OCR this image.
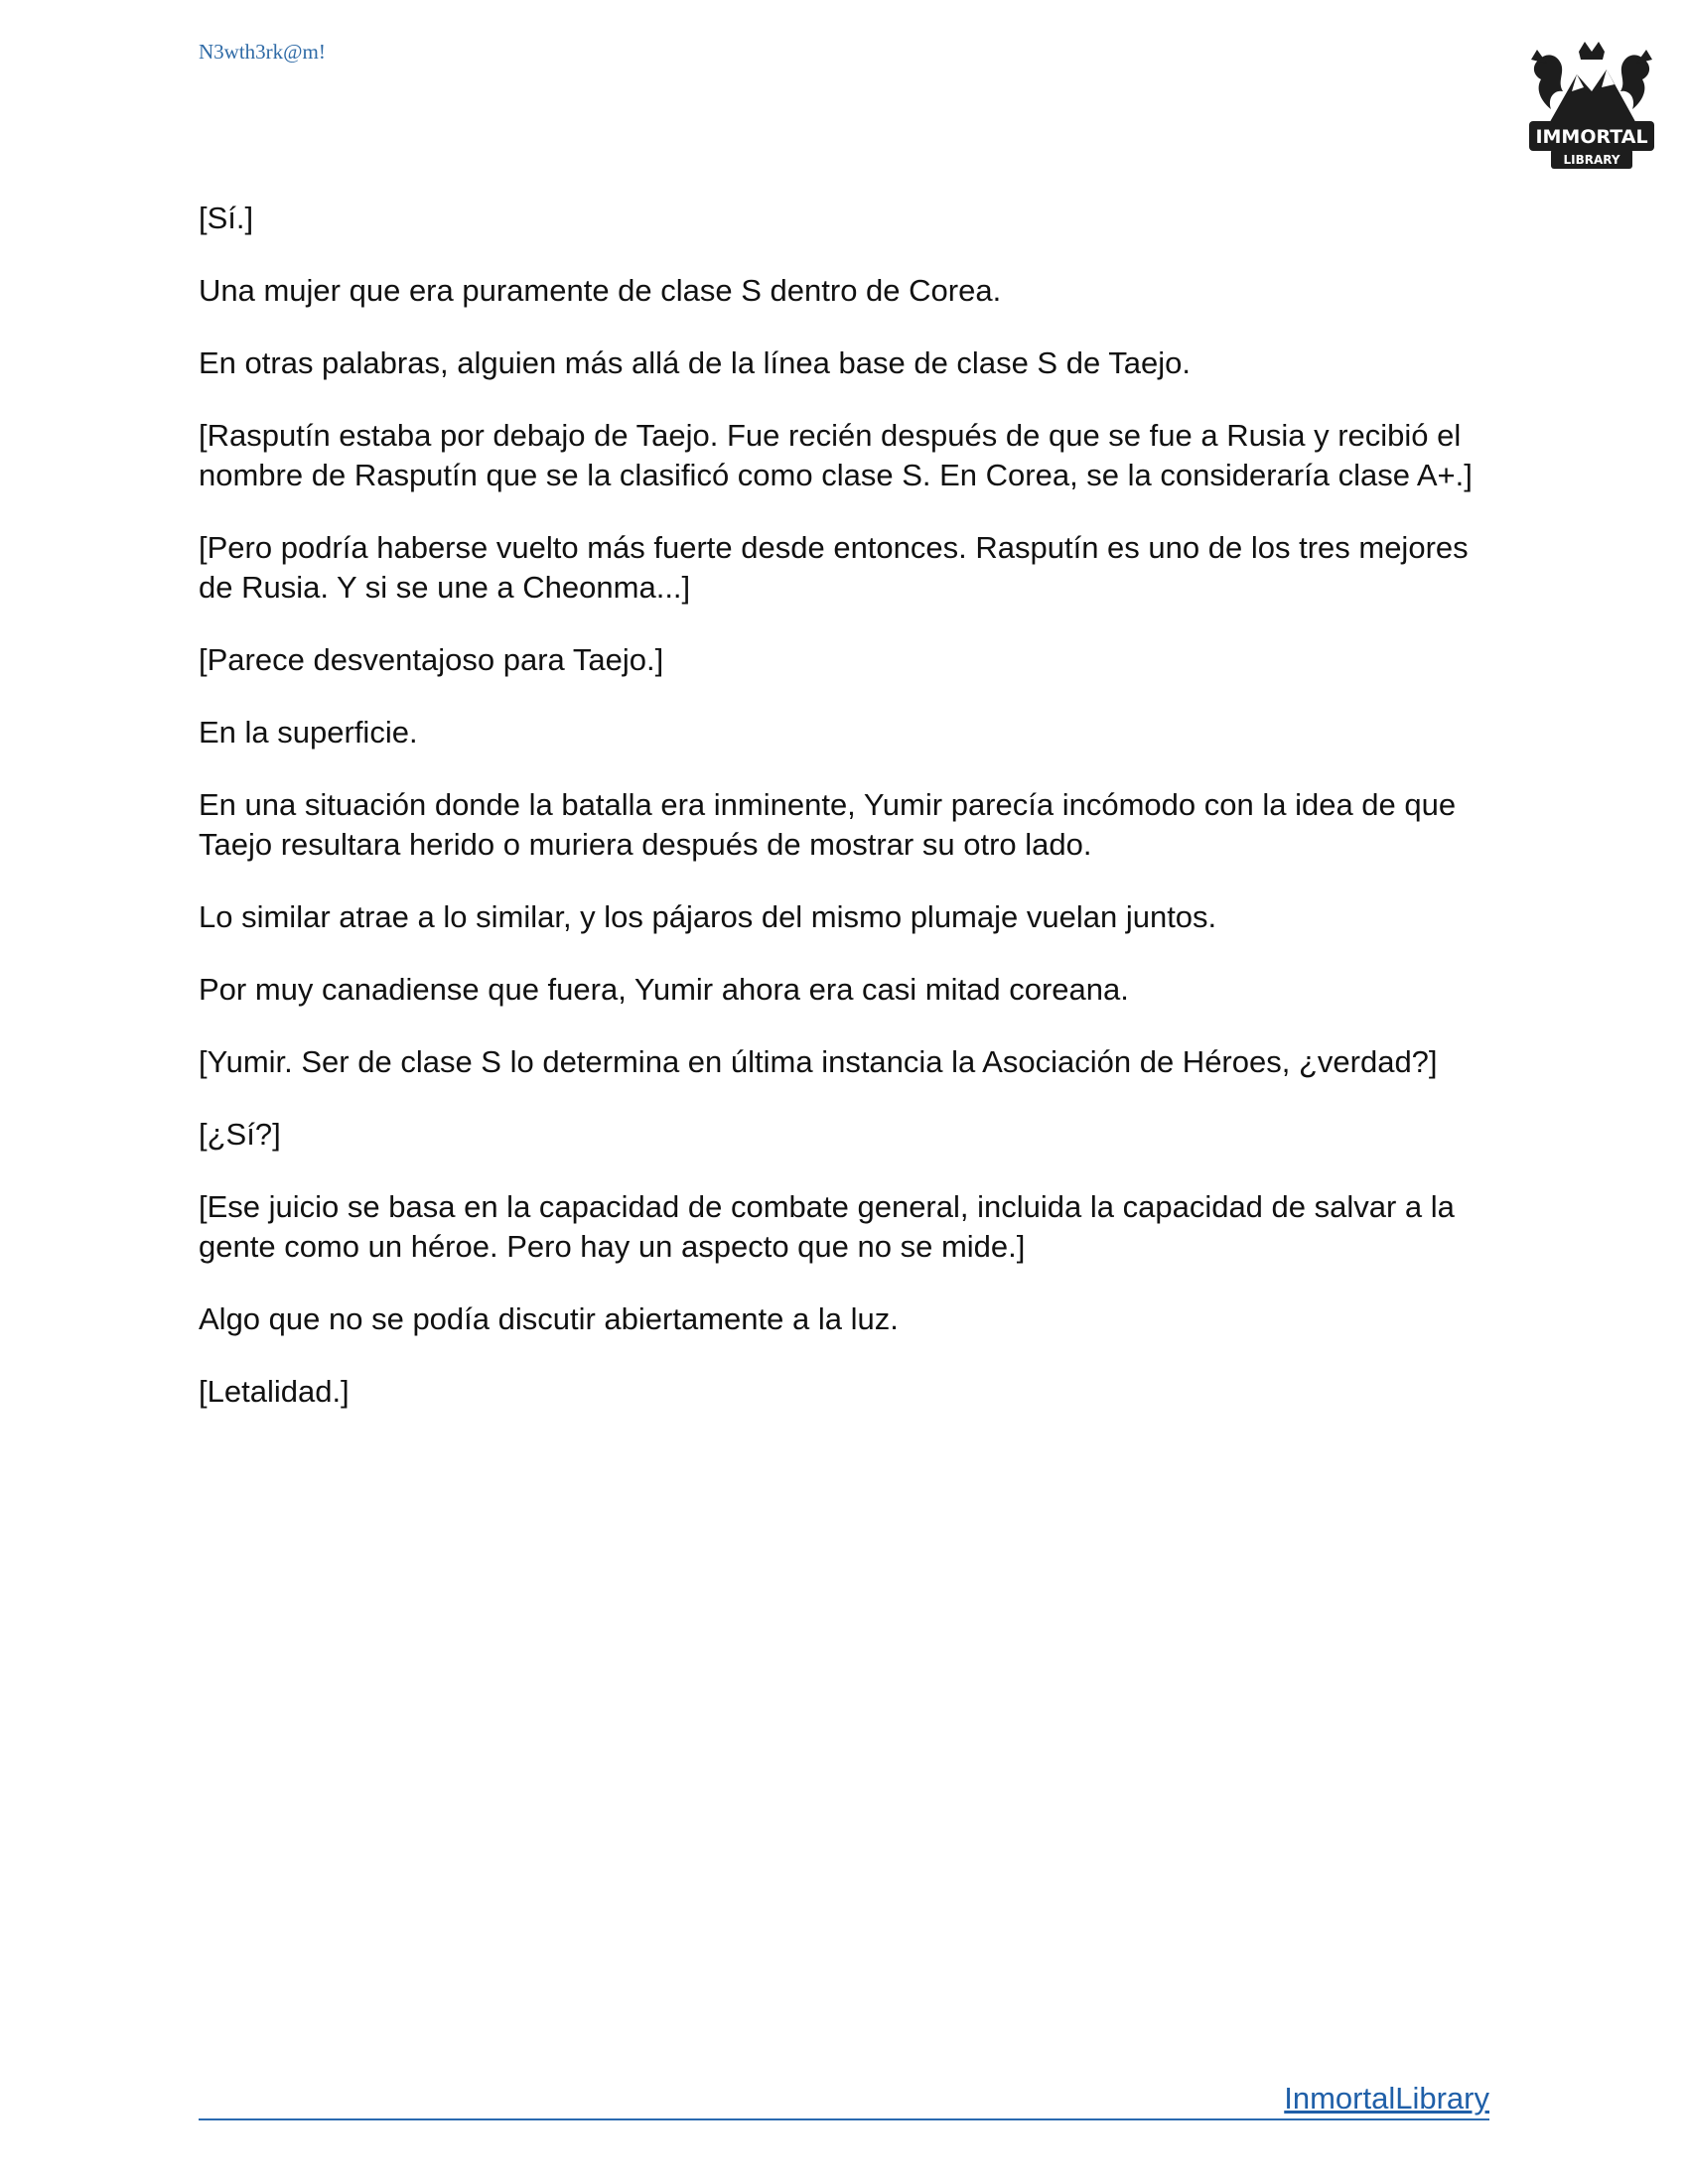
N3wth3rk@m!
IMMORTAL
LIBRARY

[Sí.]

Una mujer que era puramente de clase S dentro de Corea.

En otras palabras, alguien más allá de la línea base de clase S de Taejo.

[Rasputín estaba por debajo de Taejo. Fue recién después de que se fue a Rusia y recibió el nombre de Rasputín que se la clasificó como clase S. En Corea, se la consideraría clase A+.]

[Pero podría haberse vuelto más fuerte desde entonces. Rasputín es uno de los tres mejores de Rusia. Y si se une a Cheonma...]

[Parece desventajoso para Taejo.]

En la superficie.

En una situación donde la batalla era inminente, Yumir parecía incómodo con la idea de que Taejo resultara herido o muriera después de mostrar su otro lado.

Lo similar atrae a lo similar, y los pájaros del mismo plumaje vuelan juntos.

Por muy canadiense que fuera, Yumir ahora era casi mitad coreana.

[Yumir. Ser de clase S lo determina en última instancia la Asociación de Héroes, ¿verdad?]

[¿Sí?]

[Ese juicio se basa en la capacidad de combate general, incluida la capacidad de salvar a la gente como un héroe. Pero hay un aspecto que no se mide.]

Algo que no se podía discutir abiertamente a la luz.

[Letalidad.]

InmortalLibrary
